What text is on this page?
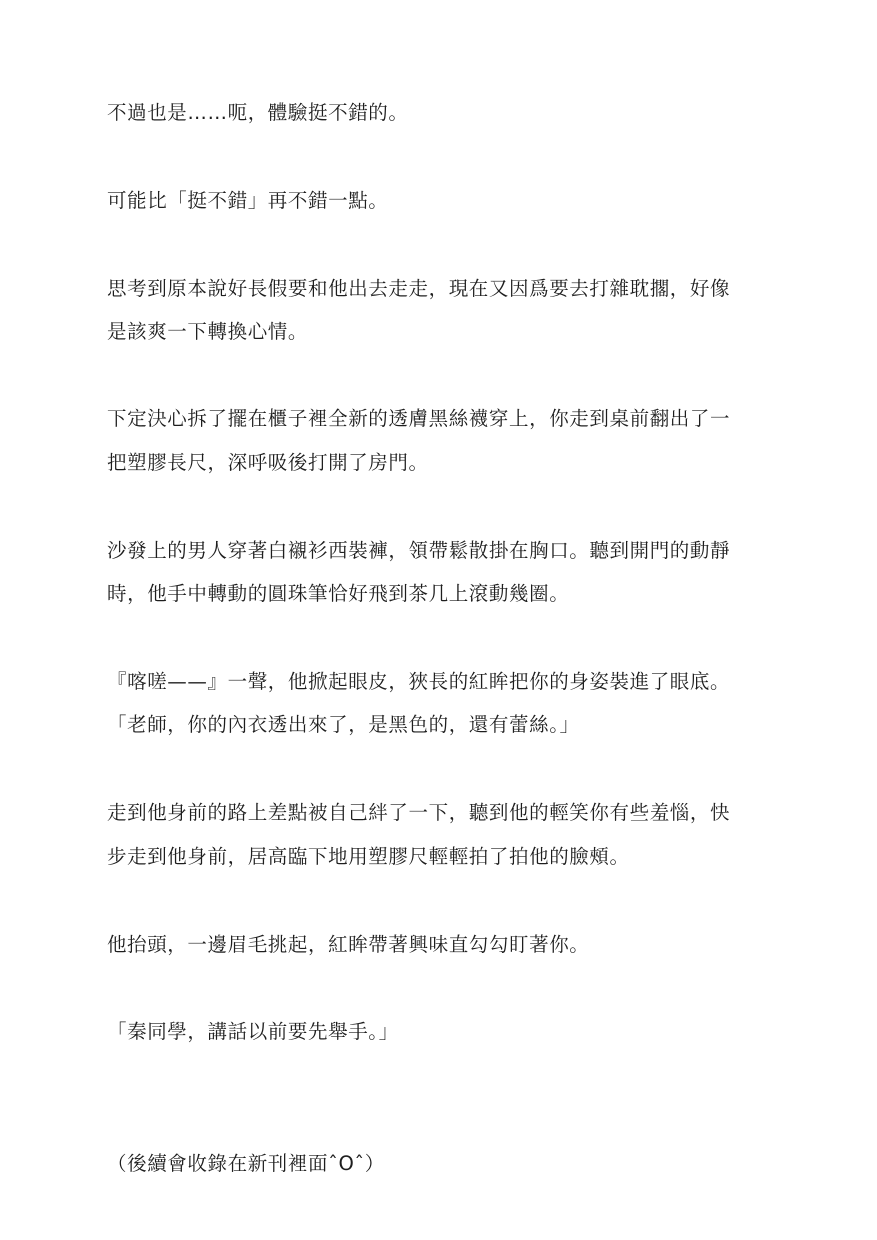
不過也是……呃，體驗挺不錯的。

可能比「挺不錯」再不錯一點。

思考到原本說好長假要和他出去走走，現在又因爲要去打雜耽擱，好像

是該爽一下轉換心情。

下定決心拆了擺在櫃子裡全新的透膚黑絲襪穿上，你走到桌前翻出了一

把塑膠長尺，深呼吸後打開了房門。

沙發上的男人穿著白襯衫西裝褲，領帶鬆散掛在胸口。聽到開門的動靜

時，他手中轉動的圓珠筆恰好飛到茶几上滾動幾圈。

『喀嗟——』一聲，他掀起眼皮，狹長的紅眸把你的身姿裝進了眼底。

「老師，你的內衣透出來了，是黑色的，還有蕾絲。」

走到他身前的路上差點被自己絆了一下，聽到他的輕笑你有些羞惱，快

步走到他身前，居高臨下地用塑膠尺輕輕拍了拍他的臉頰。

他抬頭，一邊眉毛挑起，紅眸帶著興味直勾勾盯著你。

「秦同學，講話以前要先舉手。」

（後續會收錄在新刊裡面ˆOˆ）
